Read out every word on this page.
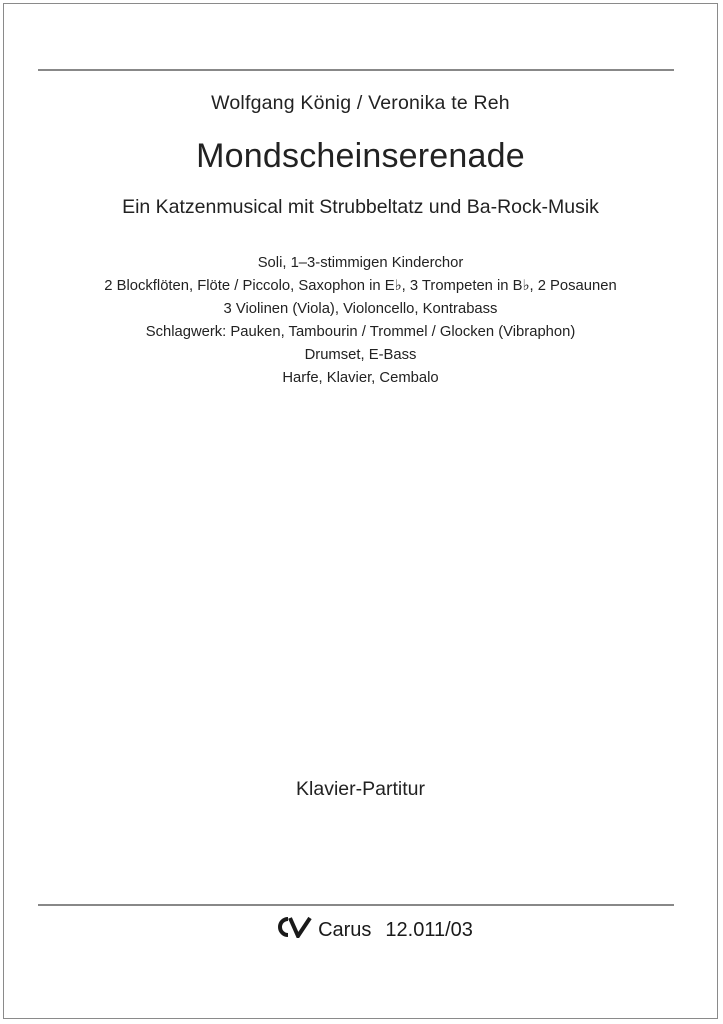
Wolfgang König / Veronika te Reh
Mondscheinserenade
Ein Katzenmusical mit Strubbeltatz und Ba-Rock-Musik
Soli, 1–3-stimmigen Kinderchor
2 Blockflöten, Flöte / Piccolo, Saxophon in E♭, 3 Trompeten in B♭, 2 Posaunen
3 Violinen (Viola), Violoncello, Kontrabass
Schlagwerk: Pauken, Tambourin / Trommel / Glocken (Vibraphon)
Drumset, E-Bass
Harfe, Klavier, Cembalo
Klavier-Partitur
Carus 12.011/03
